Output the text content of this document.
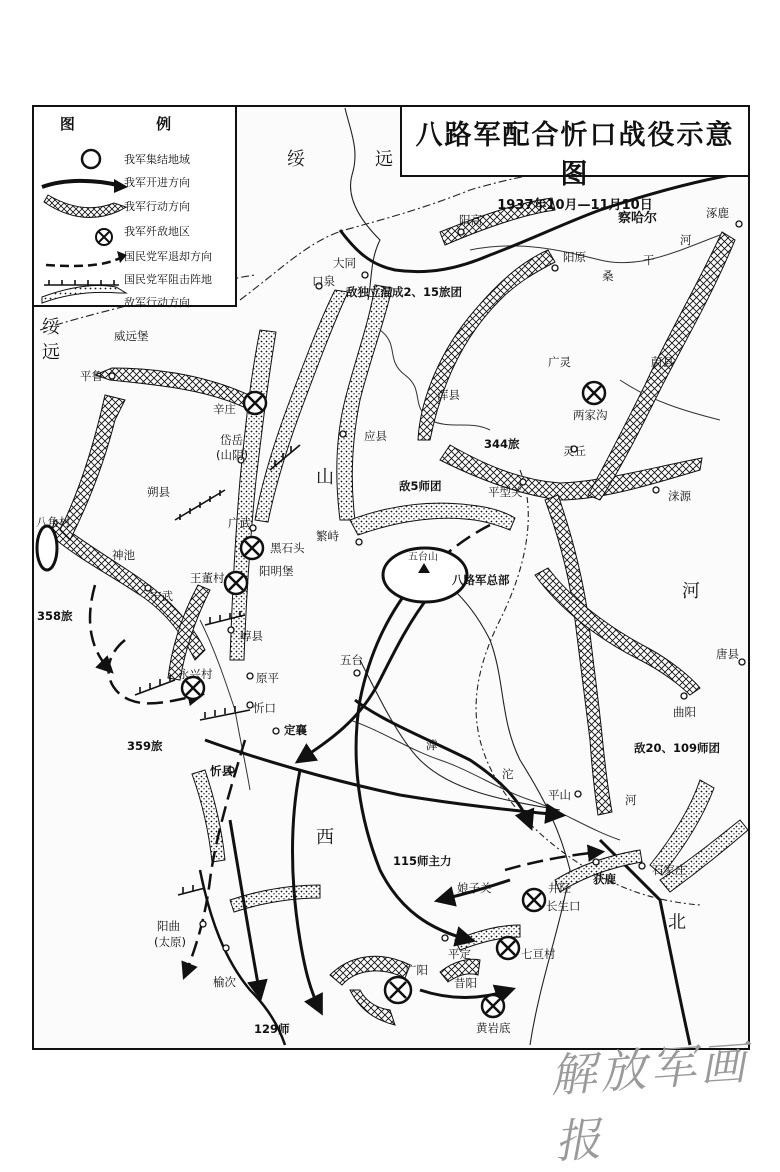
八路军配合忻口战役示意图
1937年10月—11月10日
图 例
我军集结地域
我军开进方向
我军行动方向
我军歼敌地区
国民党军退却方向
国民党军阻击阵地
敌军行动方向
绥	远
绥
远
察哈尔
山
西
河
北
桑
干
河
滹
沱
河
阳高	涿鹿
大同
口泉
阳原
威远堡
平鲁
广灵	蔚县
辛庄
浑县
两家沟
岱岳
(山阴)
应县
灵丘
朔县	平型关	涞源
广武
八角村
黑石头
繁峙
五台山
神池
阳明堡
八路军总部
王董村
宁武
崞县
唐县
永兴村
五台
原平
曲阳
忻口
定襄
忻县
平山
娘子关	井陉
获鹿
石家庄
阳曲
(太原)
长生口
平定	七亘村
榆次
广阳
昔阳
黄岩底
敌独立混成2、15旅团
344旅
敌5师团
358旅
359旅	敌20、109师团
115师主力
129师
解放军画报
